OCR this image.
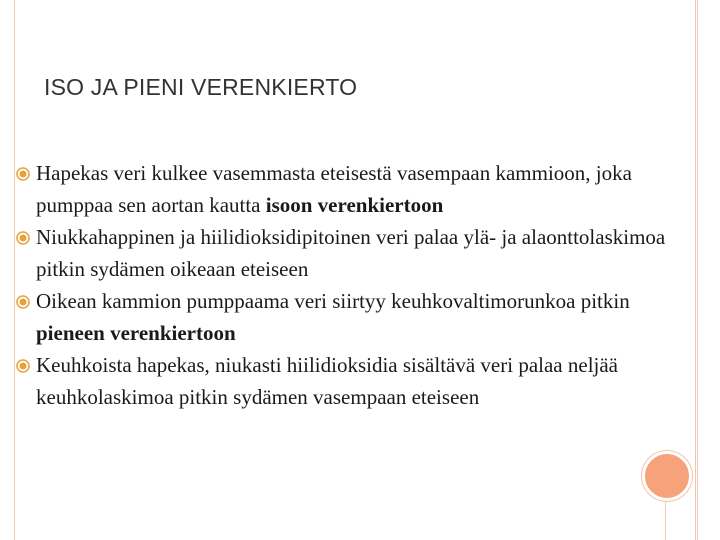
ISO JA PIENI VERENKIERTO
Hapekas veri kulkee vasemmasta eteisestä vasempaan kammioon, joka pumppaa sen aortan kautta isoon verenkiertoon
Niukkahappinen ja hiilidioksidipitoinen veri palaa ylä- ja alaonttolaskimoa pitkin sydämen oikeaan eteiseen
Oikean kammion pumppaama veri siirtyy keuhkovaltimorunkoa pitkin pieneen verenkiertoon
Keuhkoista hapekas, niukasti hiilidioksidia sisältävä veri palaa neljää keuhkolaskimoa pitkin sydämen vasempaan eteiseen
